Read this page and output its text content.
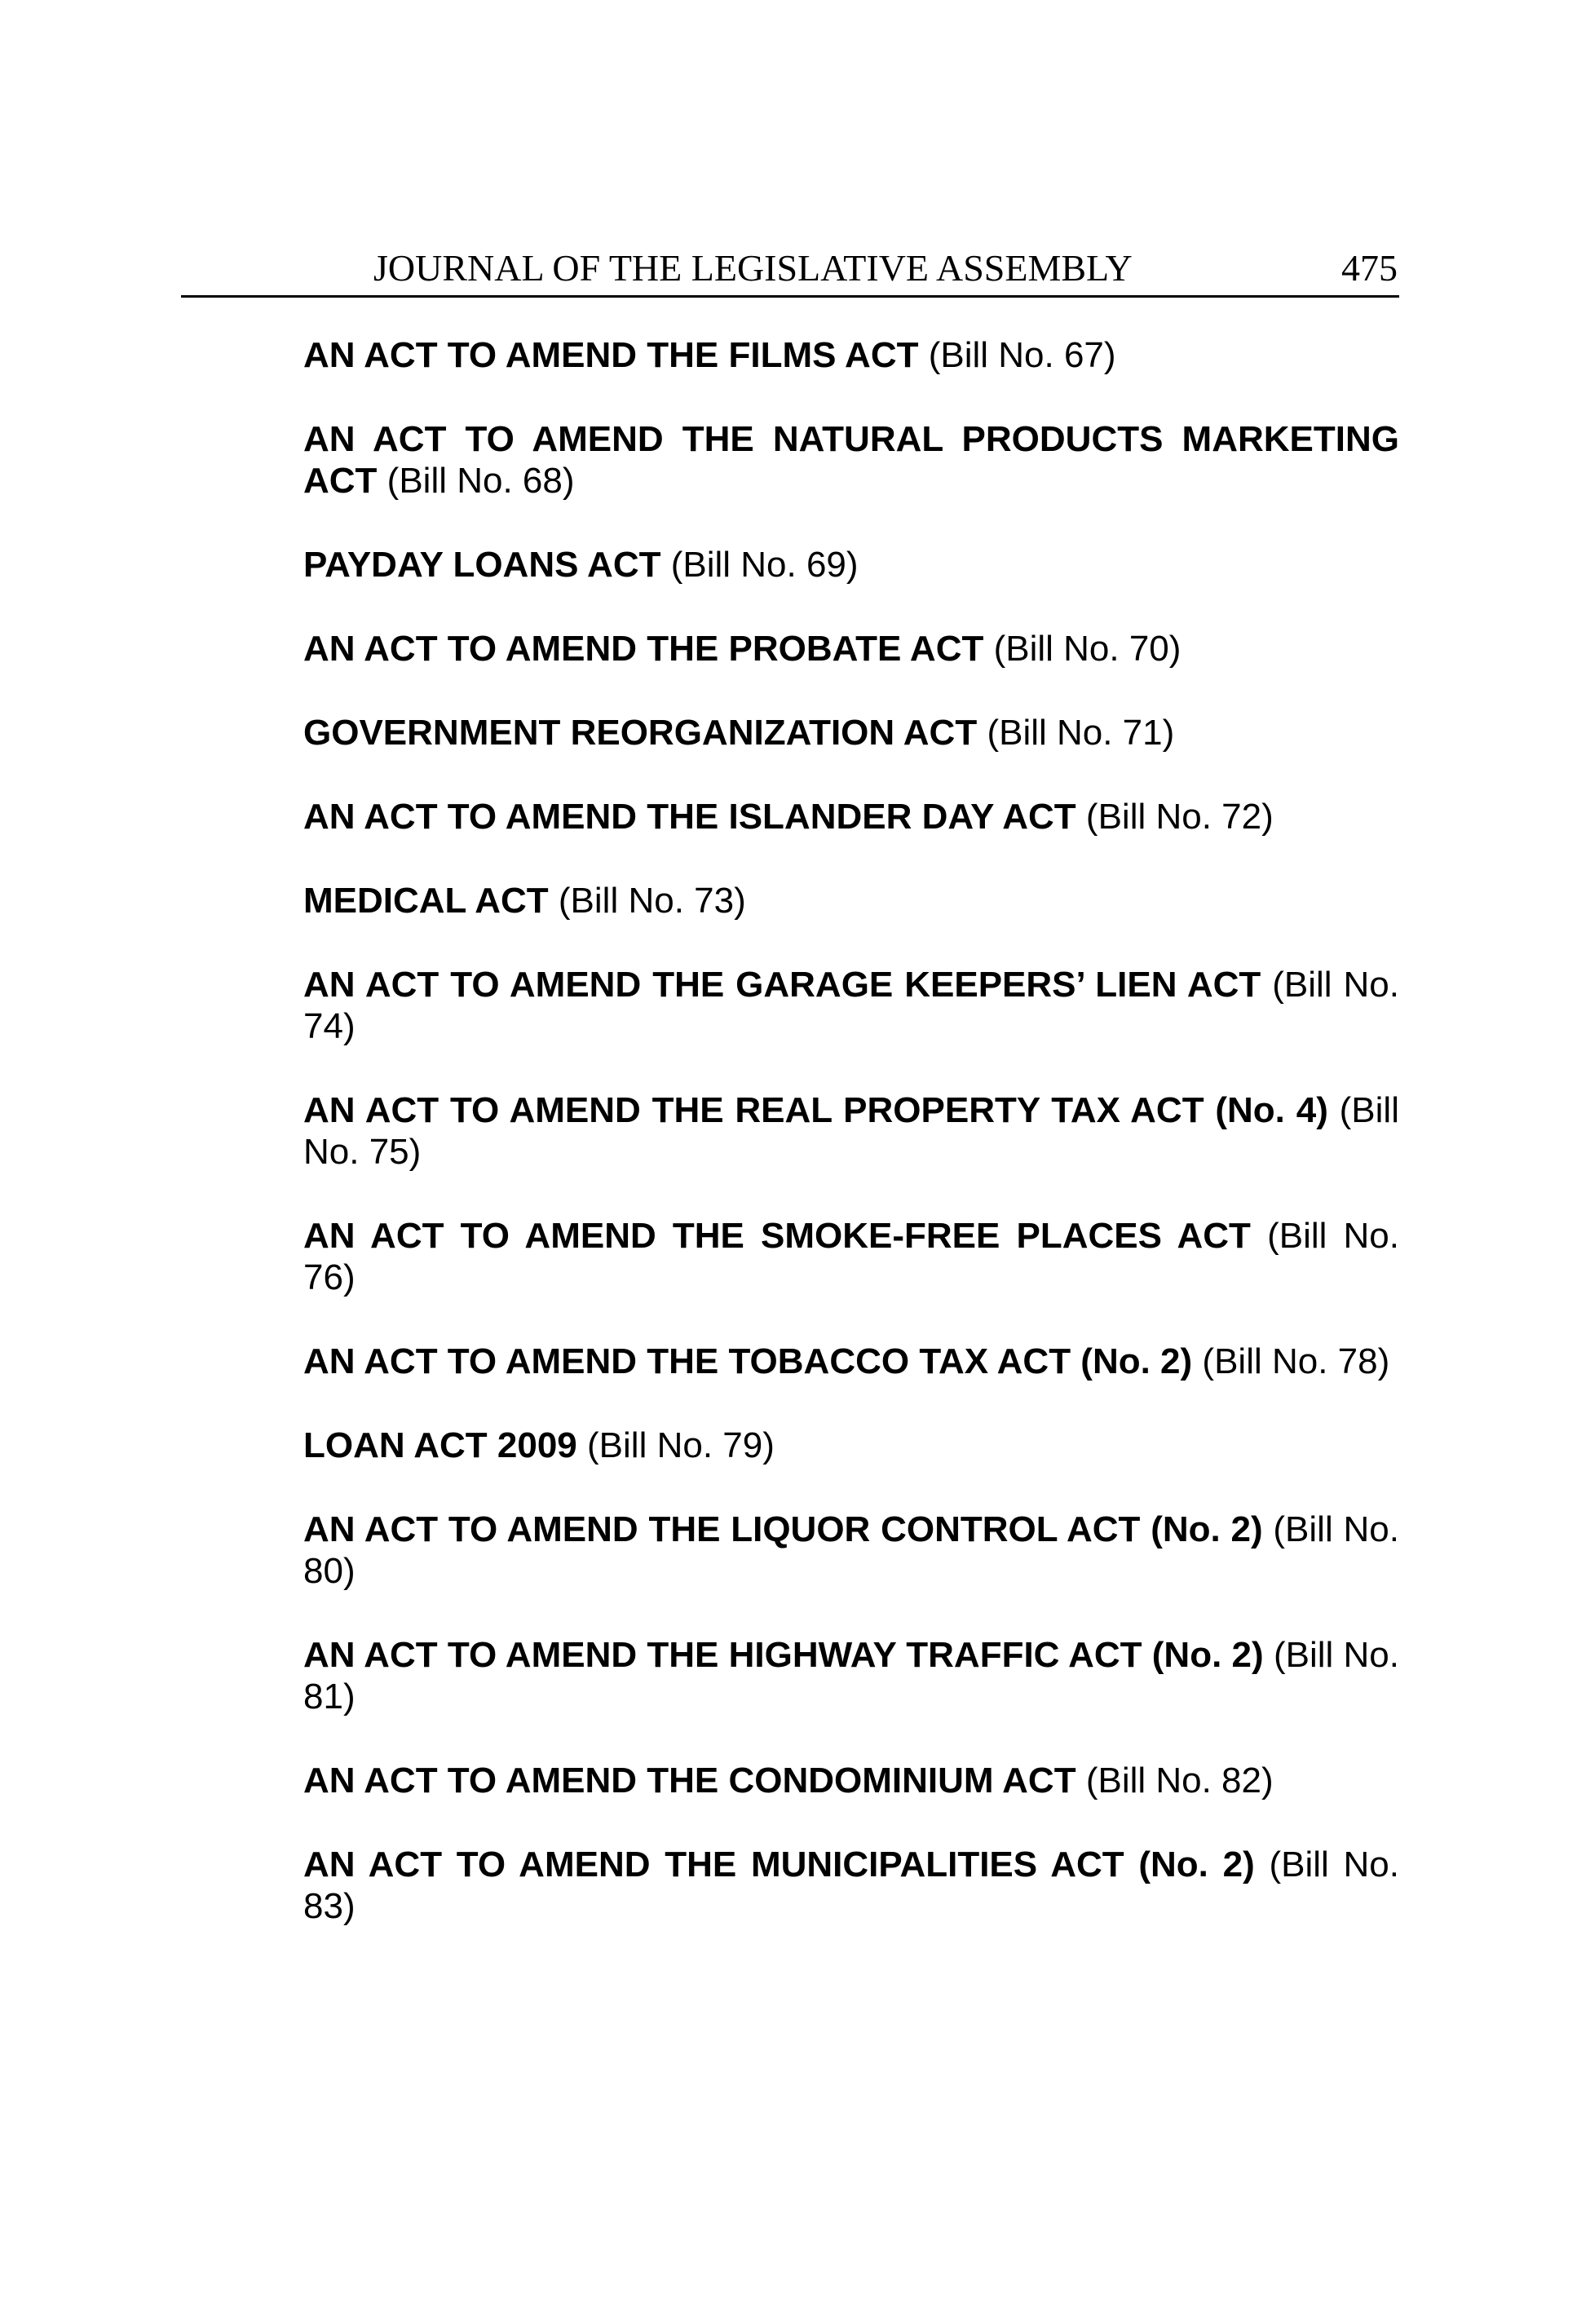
JOURNAL OF THE LEGISLATIVE ASSEMBLY	475
AN ACT TO AMEND THE FILMS ACT (Bill No. 67)
AN ACT TO AMEND THE NATURAL PRODUCTS MARKETING ACT (Bill No. 68)
PAYDAY LOANS ACT (Bill No. 69)
AN ACT TO AMEND THE PROBATE ACT (Bill No. 70)
GOVERNMENT REORGANIZATION ACT (Bill No. 71)
AN ACT TO AMEND THE ISLANDER DAY ACT (Bill No. 72)
MEDICAL ACT (Bill No. 73)
AN ACT TO AMEND THE GARAGE KEEPERS’ LIEN ACT (Bill No. 74)
AN ACT TO AMEND THE REAL PROPERTY TAX ACT (No. 4) (Bill No. 75)
AN ACT TO AMEND THE SMOKE-FREE PLACES ACT (Bill No. 76)
AN ACT TO AMEND THE TOBACCO TAX ACT (No. 2) (Bill No. 78)
LOAN ACT 2009 (Bill No. 79)
AN ACT TO AMEND THE LIQUOR CONTROL ACT (No. 2) (Bill No. 80)
AN ACT TO AMEND THE HIGHWAY TRAFFIC ACT (No. 2) (Bill No. 81)
AN ACT TO AMEND THE CONDOMINIUM ACT (Bill No. 82)
AN ACT TO AMEND THE MUNICIPALITIES ACT (No. 2) (Bill No. 83)
